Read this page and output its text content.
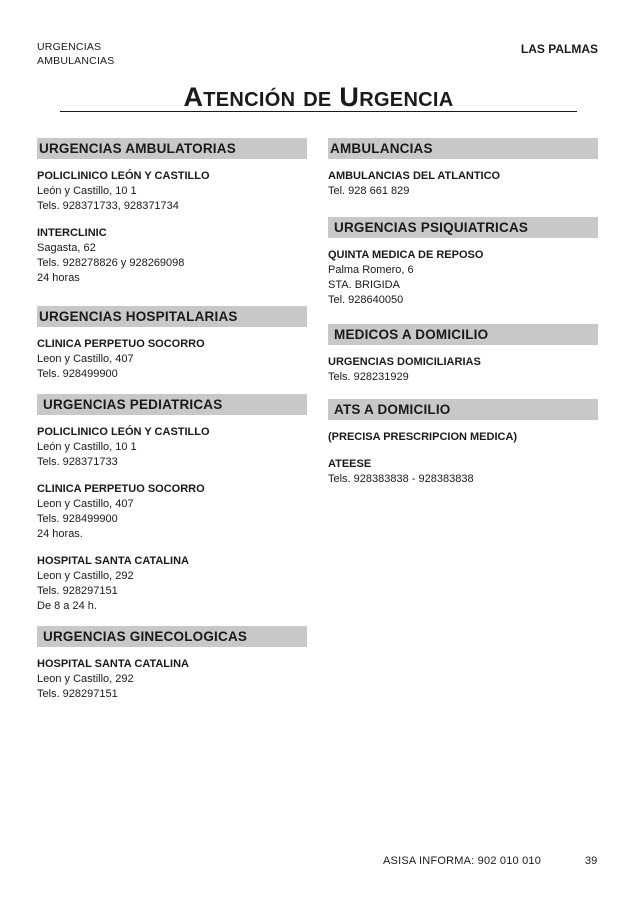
URGENCIAS
AMBULANCIAS
LAS PALMAS
ATENCIÓN DE URGENCIA
URGENCIAS AMBULATORIAS
POLICLINICO LEÓN Y CASTILLO
León y Castillo, 10 1
Tels. 928371733, 928371734
INTERCLINIC
Sagasta, 62
Tels. 928278826 y 928269098
24 horas
URGENCIAS HOSPITALARIAS
CLINICA PERPETUO SOCORRO
Leon y Castillo, 407
Tels. 928499900
URGENCIAS PEDIATRICAS
POLICLINICO LEÓN Y CASTILLO
León y Castillo, 10 1
Tels. 928371733
CLINICA PERPETUO SOCORRO
Leon y Castillo, 407
Tels. 928499900
24 horas.
HOSPITAL SANTA CATALINA
Leon y Castillo, 292
Tels. 928297151
De 8 a 24 h.
URGENCIAS GINECOLOGICAS
HOSPITAL SANTA CATALINA
Leon y Castillo, 292
Tels. 928297151
AMBULANCIAS
AMBULANCIAS DEL ATLANTICO
Tel. 928 661 829
URGENCIAS PSIQUIATRICAS
QUINTA MEDICA DE REPOSO
Palma Romero, 6
STA. BRIGIDA
Tel. 928640050
MEDICOS A DOMICILIO
URGENCIAS DOMICILIARIAS
Tels. 928231929
ATS A DOMICILIO
(PRECISA PRESCRIPCION MEDICA)
ATEESE
Tels. 928383838 - 928383838
ASISA INFORMA: 902 010 010	39
